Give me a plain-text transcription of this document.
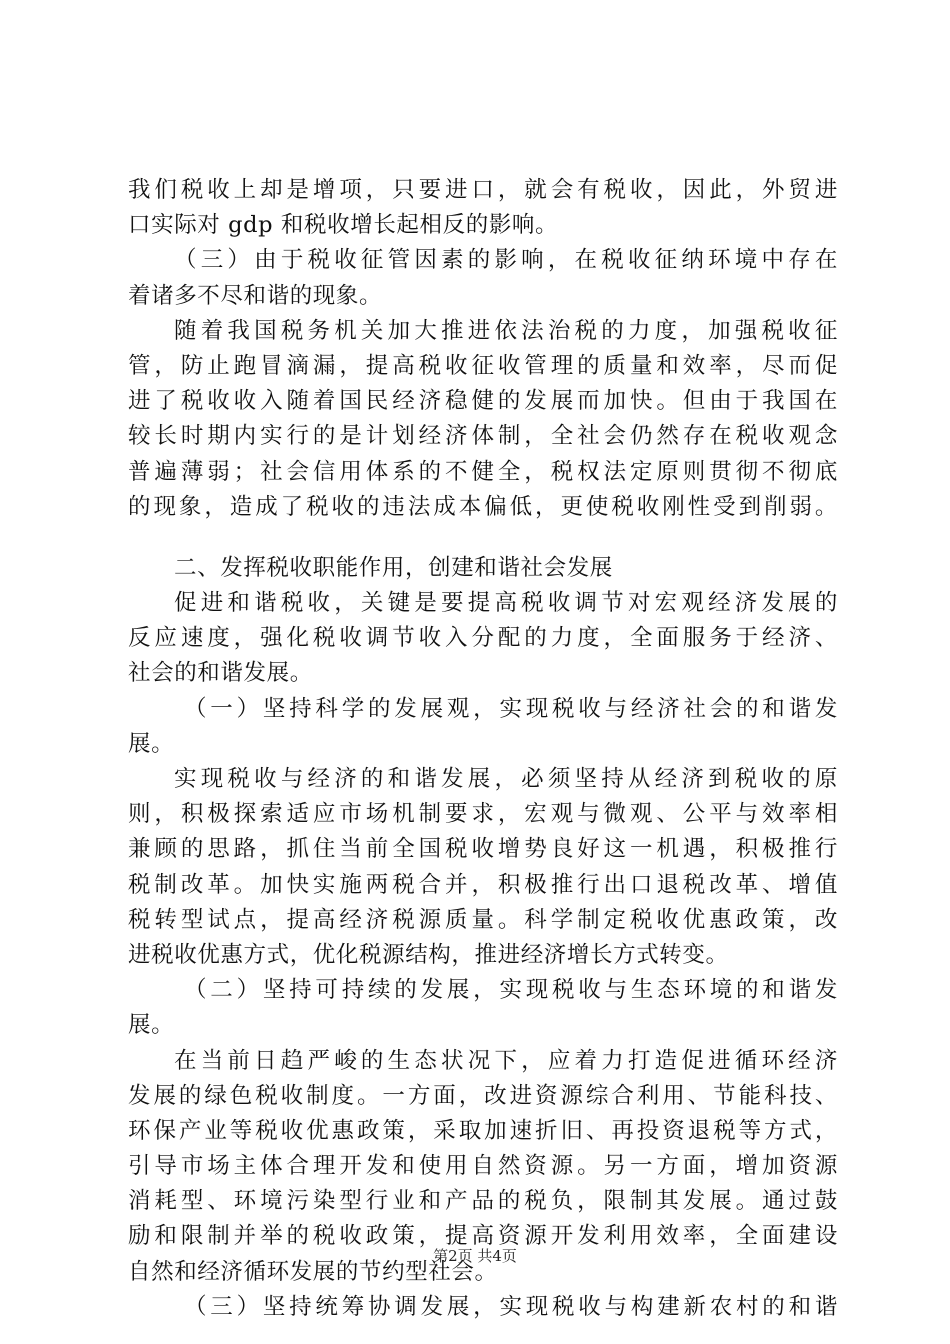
我们税收上却是增项，只要进口，就会有税收，因此，外贸进
口实际对 gdp 和税收增长起相反的影响。
（三）由于税收征管因素的影响，在税收征纳环境中存在
着诸多不尽和谐的现象。
随着我国税务机关加大推进依法治税的力度，加强税收征
管，防止跑冒滴漏，提高税收征收管理的质量和效率，尽而促
进了税收收入随着国民经济稳健的发展而加快。但由于我国在
较长时期内实行的是计划经济体制，全社会仍然存在税收观念
普遍薄弱；社会信用体系的不健全，税权法定原则贯彻不彻底
的现象，造成了税收的违法成本偏低，更使税收刚性受到削弱。
二、发挥税收职能作用，创建和谐社会发展
促进和谐税收，关键是要提高税收调节对宏观经济发展的
反应速度，强化税收调节收入分配的力度，全面服务于经济、
社会的和谐发展。
（一）坚持科学的发展观，实现税收与经济社会的和谐发
展。
实现税收与经济的和谐发展，必须坚持从经济到税收的原
则，积极探索适应市场机制要求，宏观与微观、公平与效率相
兼顾的思路，抓住当前全国税收增势良好这一机遇，积极推行
税制改革。加快实施两税合并，积极推行出口退税改革、增值
税转型试点，提高经济税源质量。科学制定税收优惠政策，改
进税收优惠方式，优化税源结构，推进经济增长方式转变。
（二）坚持可持续的发展，实现税收与生态环境的和谐发
展。
在当前日趋严峻的生态状况下，应着力打造促进循环经济
发展的绿色税收制度。一方面，改进资源综合利用、节能科技、
环保产业等税收优惠政策，采取加速折旧、再投资退税等方式，
引导市场主体合理开发和使用自然资源。另一方面，增加资源
消耗型、环境污染型行业和产品的税负，限制其发展。通过鼓
励和限制并举的税收政策，提高资源开发利用效率，全面建设
自然和经济循环发展的节约型社会。
（三）坚持统筹协调发展，实现税收与构建新农村的和谐
第2页 共4页
